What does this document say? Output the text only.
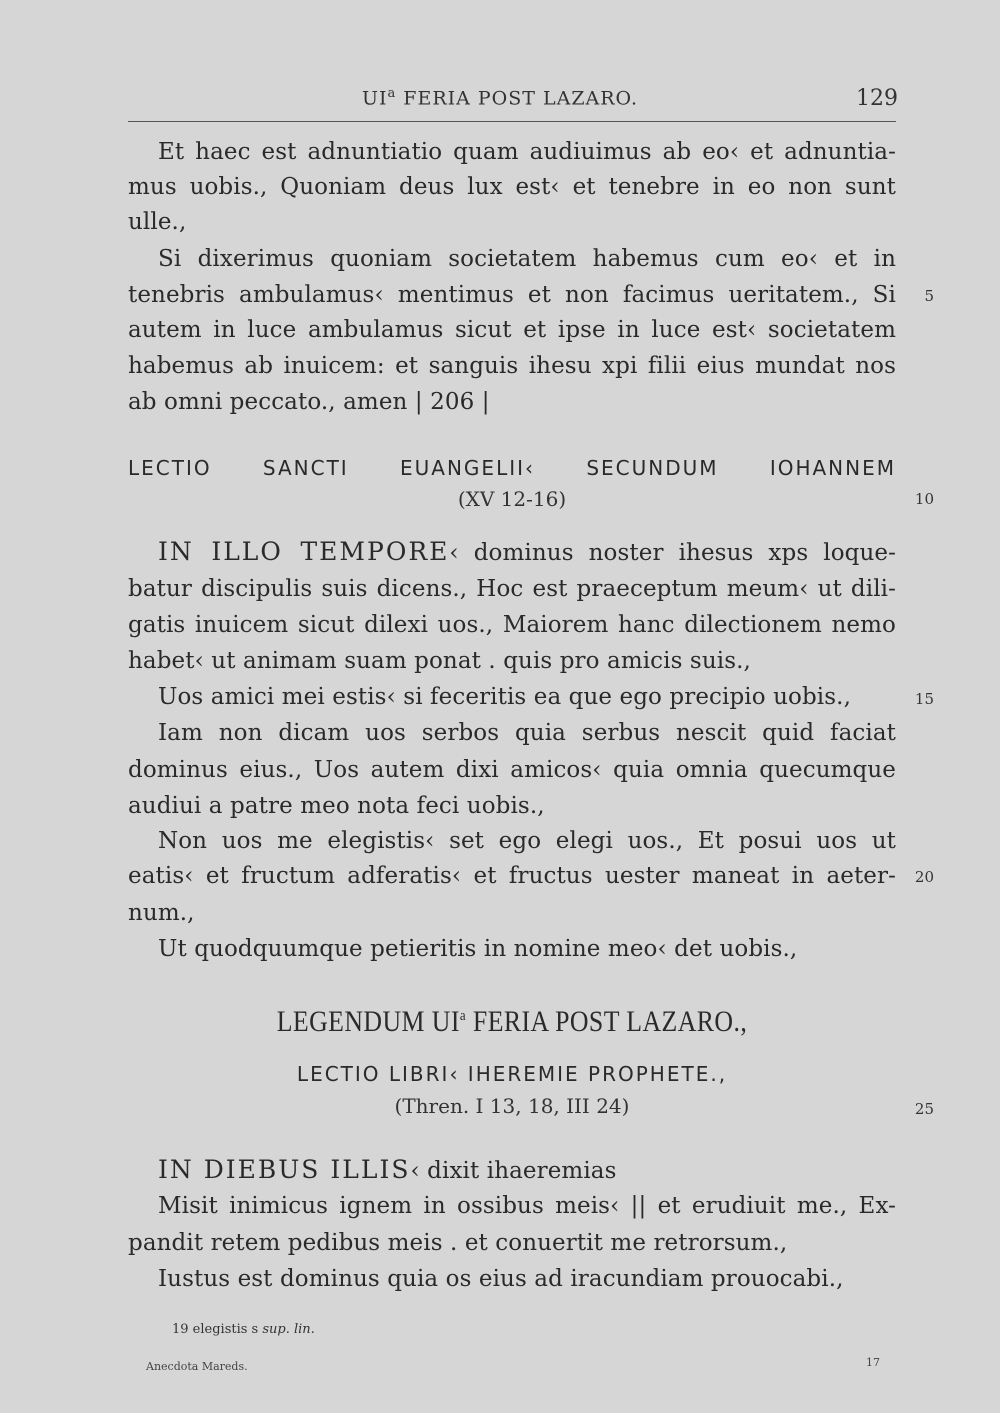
$UI^a$ FERIA POST LAZARO.	129
Et haec est adnuntiatio quam audiuimus ab eo‹ et adnuntia-
mus uobis., Quoniam deus lux est‹ et tenebre in eo non sunt
ulle.,
Si dixerimus quoniam societatem habemus cum eo‹ et in
tenebris ambulamus‹ mentimus et non facimus ueritatem., Si	5
autem in luce ambulamus sicut et ipse in luce est‹ societatem
habemus ab inuicem: et sanguis ihesu xpi filii eius mundat nos
ab omni peccato., amen | 206 |
LECTIO SANCTI EUANGELII‹ SECUNDUM IOHANNEM
(XV 12-16)	10
IN ILLO TEMPORE‹ dominus noster ihesus xps loque-
batur discipulis suis dicens., Hoc est praeceptum meum‹ ut dili-
gatis inuicem sicut dilexi uos., Maiorem hanc dilectionem nemo
habet‹ ut animam suam ponat . quis pro amicis suis.,
Uos amici mei estis‹ si feceritis ea que ego precipio uobis.,	15
Iam non dicam uos serbos quia serbus nescit quid faciat
dominus eius., Uos autem dixi amicos‹ quia omnia quecumque
audiui a patre meo nota feci uobis.,
Non uos me elegistis‹ set ego elegi uos., Et posui uos ut
eatis‹ et fructum adferatis‹ et fructus uester maneat in aeter-	20
num.,
Ut quodquumque petieritis in nomine meo‹ det uobis.,
LEGENDUM $UI^a$ FERIA POST LAZARO.,
LECTIO LIBRI‹ IHEREMIE PROPHETE.,
(Thren. I 13, 18, III 24)	25
IN DIEBUS ILLIS‹ dixit ihaeremias
Misit inimicus ignem in ossibus meis‹ || et erudiuit me., Ex-
pandit retem pedibus meis . et conuertit me retrorsum.,
Iustus est dominus quia os eius ad iracundiam prouocabi.,
19 elegistis s sup. lin.
Anecdota Mareds.	17
